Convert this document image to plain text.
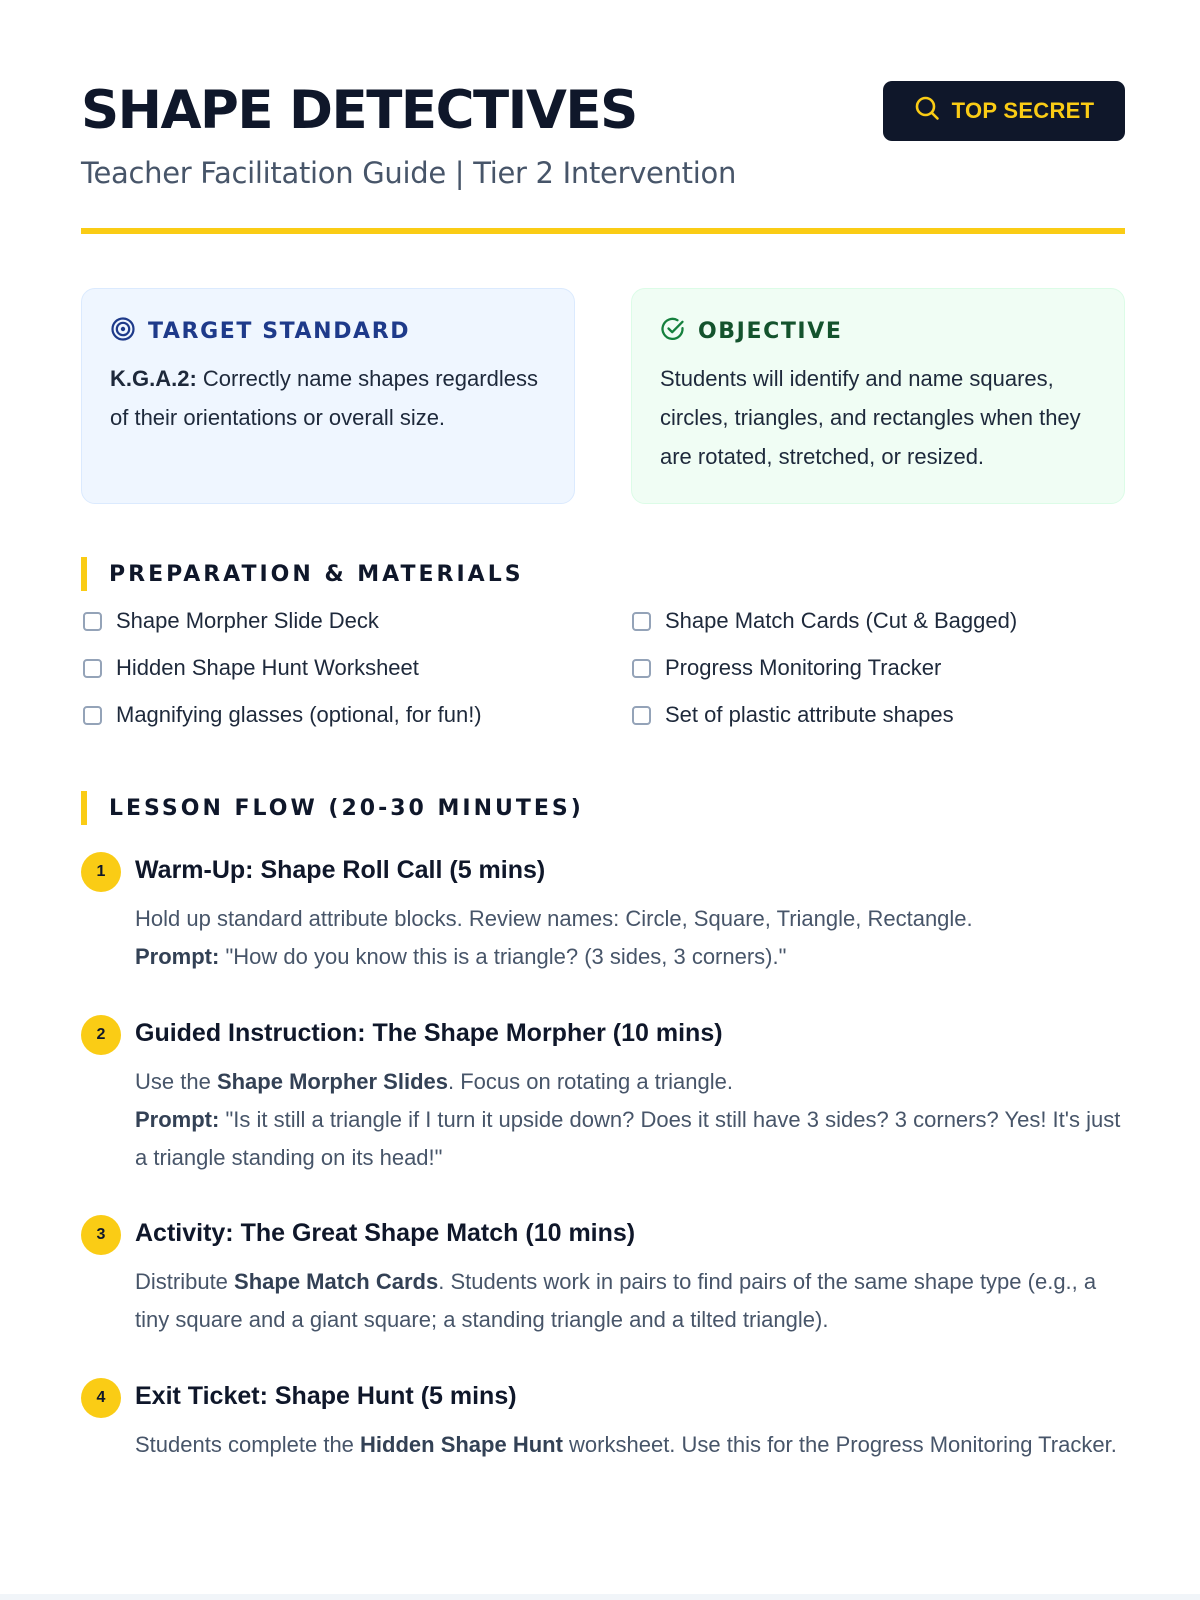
SHAPE DETECTIVES

Teacher Facilitation Guide | Tier 2 Intervention

TOP SECRET
TARGET STANDARD
K.G.A.2: Correctly name shapes regardless of their orientations or overall size.
OBJECTIVE
Students will identify and name squares, circles, triangles, and rectangles when they are rotated, stretched, or resized.
PREPARATION & MATERIALS
Shape Morpher Slide Deck	Shape Match Cards (Cut & Bagged)
Hidden Shape Hunt Worksheet	Progress Monitoring Tracker
Magnifying glasses (optional, for fun!)	Set of plastic attribute shapes
LESSON FLOW (20-30 MINUTES)
1	Warm-Up: Shape Roll Call (5 mins)
Hold up standard attribute blocks. Review names: Circle, Square, Triangle, Rectangle.
Prompt: "How do you know this is a triangle? (3 sides, 3 corners)."
2	Guided Instruction: The Shape Morpher (10 mins)
Use the Shape Morpher Slides. Focus on rotating a triangle.
Prompt: "Is it still a triangle if I turn it upside down? Does it still have 3 sides? 3 corners? Yes! It's just a triangle standing on its head!"
3	Activity: The Great Shape Match (10 mins)
Distribute Shape Match Cards. Students work in pairs to find pairs of the same shape type (e.g., a tiny square and a giant square; a standing triangle and a tilted triangle).
4	Exit Ticket: Shape Hunt (5 mins)
Students complete the Hidden Shape Hunt worksheet. Use this for the Progress Monitoring Tracker.
